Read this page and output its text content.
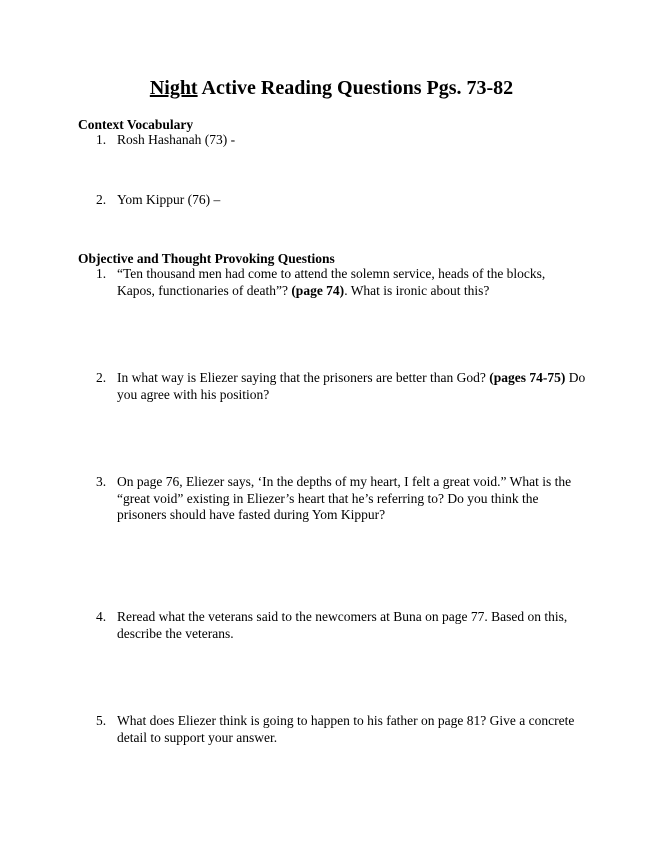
Night Active Reading Questions Pgs. 73-82
Context Vocabulary
1. Rosh Hashanah (73) -
2. Yom Kippur (76) –
Objective and Thought Provoking Questions
1. “Ten thousand men had come to attend the solemn service, heads of the blocks, Kapos, functionaries of death”? (page 74). What is ironic about this?
2. In what way is Eliezer saying that the prisoners are better than God? (pages 74-75) Do you agree with his position?
3. On page 76, Eliezer says, ‘In the depths of my heart, I felt a great void.” What is the “great void” existing in Eliezer’s heart that he’s referring to? Do you think the prisoners should have fasted during Yom Kippur?
4. Reread what the veterans said to the newcomers at Buna on page 77. Based on this, describe the veterans.
5. What does Eliezer think is going to happen to his father on page 81? Give a concrete detail to support your answer.
